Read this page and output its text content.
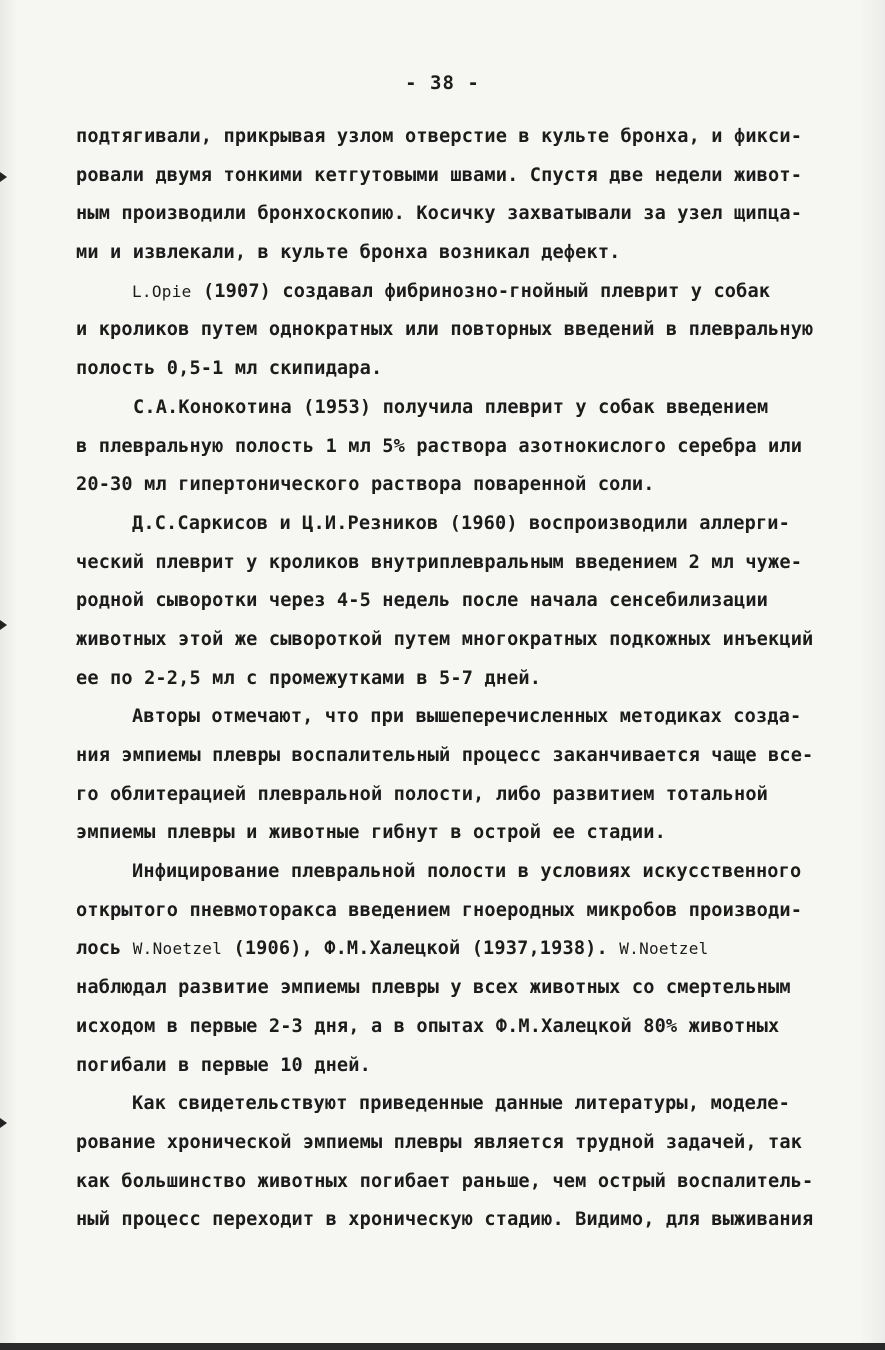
- 38 -
подтягивали, прикрывая узлом отверстие в культе бронха, и фикси-
ровали двумя тонкими кетгутовыми швами. Спустя две недели живот-
ным производили бронхоскопию. Косичку захватывали за узел щипца-
ми и извлекали, в культе бронха возникал дефект.
L.Opie (1907) создавал фибринозно-гнойный плеврит у собак
и кроликов путем однократных или повторных введений в плевральную
полость 0,5-1 мл скипидара.
С.А.Конокотина (1953) получила плеврит у собак введением
в плевральную полость 1 мл 5% раствора азотнокислого серебра или
20-30 мл гипертонического раствора поваренной соли.
Д.С.Саркисов и Ц.И.Резников (1960) воспроизводили аллерги-
ческий плеврит у кроликов внутриплевральным введением 2 мл чуже-
родной сыворотки через 4-5 недель после начала сенсебилизации
животных этой же сывороткой путем многократных подкожных инъекций
ее по 2-2,5 мл с промежутками в 5-7 дней.
Авторы отмечают, что при вышеперечисленных методиках созда-
ния эмпиемы плевры воспалительный процесс заканчивается чаще все-
го облитерацией плевральной полости, либо развитием тотальной
эмпиемы плевры и животные гибнут в острой ее стадии.
Инфицирование плевральной полости в условиях искусственного
открытого пневмоторакса введением гноеродных микробов производи-
лось W.Noetzel (1906), Ф.М.Халецкой (1937,1938). W.Noetzel
наблюдал развитие эмпиемы плевры у всех животных со смертельным
исходом в первые 2-3 дня, а в опытах Ф.М.Халецкой 80% животных
погибали в первые 10 дней.
Как свидетельствуют приведенные данные литературы, моделе-
рование хронической эмпиемы плевры является трудной задачей, так
как большинство животных погибает раньше, чем острый воспалитель-
ный процесс переходит в хроническую стадию. Видимо, для выживания
